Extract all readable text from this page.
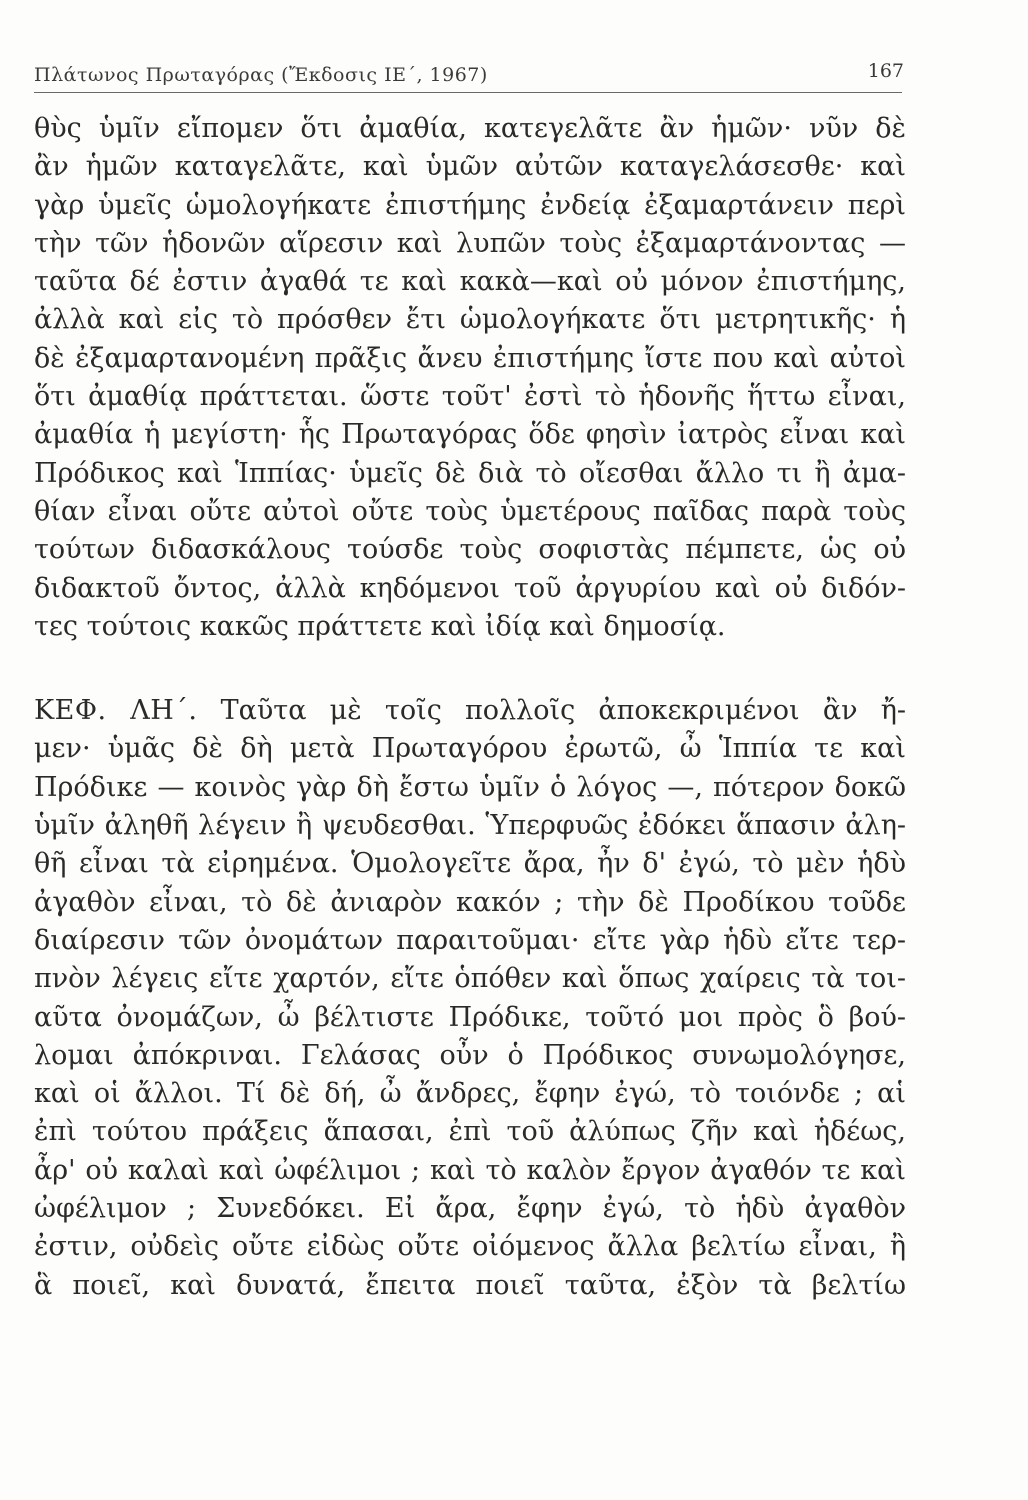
Πλάτωνος Πρωταγόρας (Ἔκδοσις ΙΕ΄, 1967)	167
θὺς ὑμῖν εἴπομεν ὅτι ἀμαθία, κατεγελᾶτε ἂν ἡμῶν· νῦν δὲ
ἂν ἡμῶν καταγελᾶτε, καὶ ὑμῶν αὐτῶν καταγελάσεσθε· καὶ
γὰρ ὑμεῖς ὡμολογήκατε ἐπιστήμης ἐνδείᾳ ἐξαμαρτάνειν περὶ
τὴν τῶν ἡδονῶν αἵρεσιν καὶ λυπῶν τοὺς ἐξαμαρτάνοντας —
ταῦτα δέ ἐστιν ἀγαθά τε καὶ κακὰ—καὶ οὐ μόνον ἐπιστήμης,
ἀλλὰ καὶ εἰς τὸ πρόσθεν ἔτι ὡμολογήκατε ὅτι μετρητικῆς· ἡ
δὲ ἐξαμαρτανομένη πρᾶξις ἄνευ ἐπιστήμης ἴστε που καὶ αὐτοὶ
ὅτι ἀμαθίᾳ πράττεται. ὥστε τοῦτ' ἐστὶ τὸ ἡδονῆς ἥττω εἶναι,
ἀμαθία ἡ μεγίστη· ἧς Πρωταγόρας ὅδε φησὶν ἰατρὸς εἶναι καὶ
Πρόδικος καὶ Ἱππίας· ὑμεῖς δὲ διὰ τὸ οἴεσθαι ἄλλο τι ἢ ἀμα-
θίαν εἶναι οὔτε αὐτοὶ οὔτε τοὺς ὑμετέρους παῖδας παρὰ τοὺς
τούτων διδασκάλους τούσδε τοὺς σοφιστὰς πέμπετε, ὡς οὐ
διδακτοῦ ὄντος, ἀλλὰ κηδόμενοι τοῦ ἀργυρίου καὶ οὐ διδόν-
τες τούτοις κακῶς πράττετε καὶ ἰδίᾳ καὶ δημοσίᾳ.
ΚΕΦ. ΛΗ΄. Ταῦτα μὲ τοῖς πολλοῖς ἀποκεκριμένοι ἂν ἤ-
μεν· ὑμᾶς δὲ δὴ μετὰ Πρωταγόρου ἐρωτῶ, ὦ Ἱππία τε καὶ
Πρόδικε — κοινὸς γὰρ δὴ ἔστω ὑμῖν ὁ λόγος —, πότερον δοκῶ
ὑμῖν ἀληθῆ λέγειν ἢ ψευδεσθαι. Ὑπερφυῶς ἐδόκει ἅπασιν ἀλη-
θῆ εἶναι τὰ εἰρημένα. Ὁμολογεῖτε ἄρα, ἦν δ' ἐγώ, τὸ μὲν ἡδὺ
ἀγαθὸν εἶναι, τὸ δὲ ἀνιαρὸν κακόν ; τὴν δὲ Προδίκου τοῦδε
διαίρεσιν τῶν ὀνομάτων παραιτοῦμαι· εἴτε γὰρ ἡδὺ εἴτε τερ-
πνὸν λέγεις εἴτε χαρτόν, εἴτε ὁπόθεν καὶ ὅπως χαίρεις τὰ τοι-
αῦτα ὀνομάζων, ὦ βέλτιστε Πρόδικε, τοῦτό μοι πρὸς ὃ βού-
λομαι ἀπόκριναι. Γελάσας οὖν ὁ Πρόδικος συνωμολόγησε,
καὶ οἱ ἄλλοι. Τί δὲ δή, ὦ ἄνδρες, ἔφην ἐγώ, τὸ τοιόνδε ; αἱ
ἐπὶ τούτου πράξεις ἅπασαι, ἐπὶ τοῦ ἀλύπως ζῆν καὶ ἡδέως,
ἆρ' οὐ καλαὶ καὶ ὠφέλιμοι ; καὶ τὸ καλὸν ἔργον ἀγαθόν τε καὶ
ὠφέλιμον ; Συνεδόκει. Εἰ ἄρα, ἔφην ἐγώ, τὸ ἡδὺ ἀγαθὸν
ἐστιν, οὐδεὶς οὔτε εἰδὼς οὔτε οἰόμενος ἄλλα βελτίω εἶναι, ἢ
ἃ ποιεῖ, καὶ δυνατά, ἔπειτα ποιεῖ ταῦτα, ἐξὸν τὰ βελτίω
